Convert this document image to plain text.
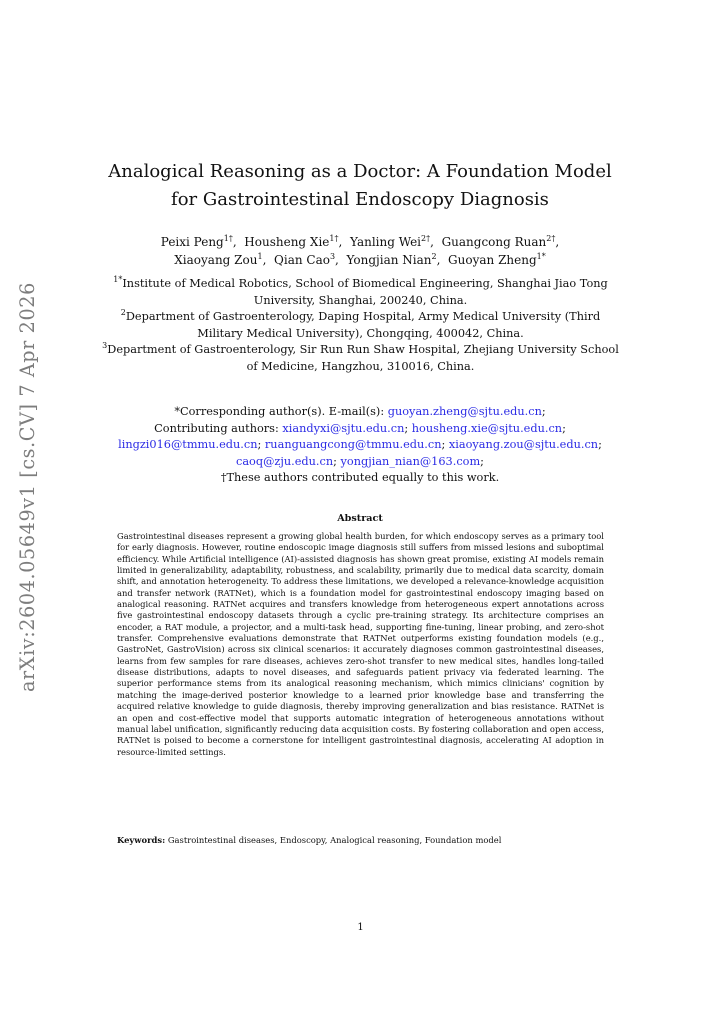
arXiv:2604.05649v1 [cs.CV] 7 Apr 2026
Analogical Reasoning as a Doctor: A Foundation Model for Gastrointestinal Endoscopy Diagnosis
Peixi Peng$^{1\dagger}$,  Housheng Xie$^{1\dagger}$,  Yanling Wei$^{2\dagger}$,  Guangcong Ruan$^{2\dagger}$,
Xiaoyang Zou$^1$,  Qian Cao$^3$,  Yongjian Nian$^2$,  Guoyan Zheng$^{1*}$
$^{1*}$Institute of Medical Robotics, School of Biomedical Engineering, Shanghai Jiao Tong University, Shanghai, 200240, China.
$^2$Department of Gastroenterology, Daping Hospital, Army Medical University (Third Military Medical University), Chongqing, 400042, China.
$^3$Department of Gastroenterology, Sir Run Run Shaw Hospital, Zhejiang University School of Medicine, Hangzhou, 310016, China.
*Corresponding author(s). E-mail(s): guoyan.zheng@sjtu.edu.cn;
Contributing authors: xiandyxi@sjtu.edu.cn; housheng.xie@sjtu.edu.cn;
lingzi016@tmmu.edu.cn; ruanguangcong@tmmu.edu.cn; xiaoyang.zou@sjtu.edu.cn;
caoq@zju.edu.cn; yongjian_nian@163.com;
†These authors contributed equally to this work.
Abstract
Gastrointestinal diseases represent a growing global health burden, for which endoscopy serves as a primary tool for early diagnosis. However, routine endoscopic image diagnosis still suffers from missed lesions and suboptimal efficiency. While Artificial intelligence (AI)-assisted diagnosis has shown great promise, existing AI models remain limited in generalizability, adaptability, robustness, and scalability, primarily due to medical data scarcity, domain shift, and annotation heterogeneity. To address these limitations, we developed a relevance-knowledge acquisition and transfer network (RATNet), which is a foundation model for gastrointestinal endoscopy imaging based on analogical reasoning. RATNet acquires and transfers knowledge from heterogeneous expert annotations across five gastrointestinal endoscopy datasets through a cyclic pre-training strategy. Its architecture comprises an encoder, a RAT module, a projector, and a multi-task head, supporting fine-tuning, linear probing, and zero-shot transfer. Comprehensive evaluations demonstrate that RATNet outperforms existing foundation models (e.g., GastroNet, GastroVision) across six clinical scenarios: it accurately diagnoses common gastrointestinal diseases, learns from few samples for rare diseases, achieves zero-shot transfer to new medical sites, handles long-tailed disease distributions, adapts to novel diseases, and safeguards patient privacy via federated learning. The superior performance stems from its analogical reasoning mechanism, which mimics clinicians' cognition by matching the image-derived posterior knowledge to a learned prior knowledge base and transferring the acquired relative knowledge to guide diagnosis, thereby improving generalization and bias resistance. RATNet is an open and cost-effective model that supports automatic integration of heterogeneous annotations without manual label unification, significantly reducing data acquisition costs. By fostering collaboration and open access, RATNet is poised to become a cornerstone for intelligent gastrointestinal diagnosis, accelerating AI adoption in resource-limited settings.
Keywords: Gastrointestinal diseases, Endoscopy, Analogical reasoning, Foundation model
1
